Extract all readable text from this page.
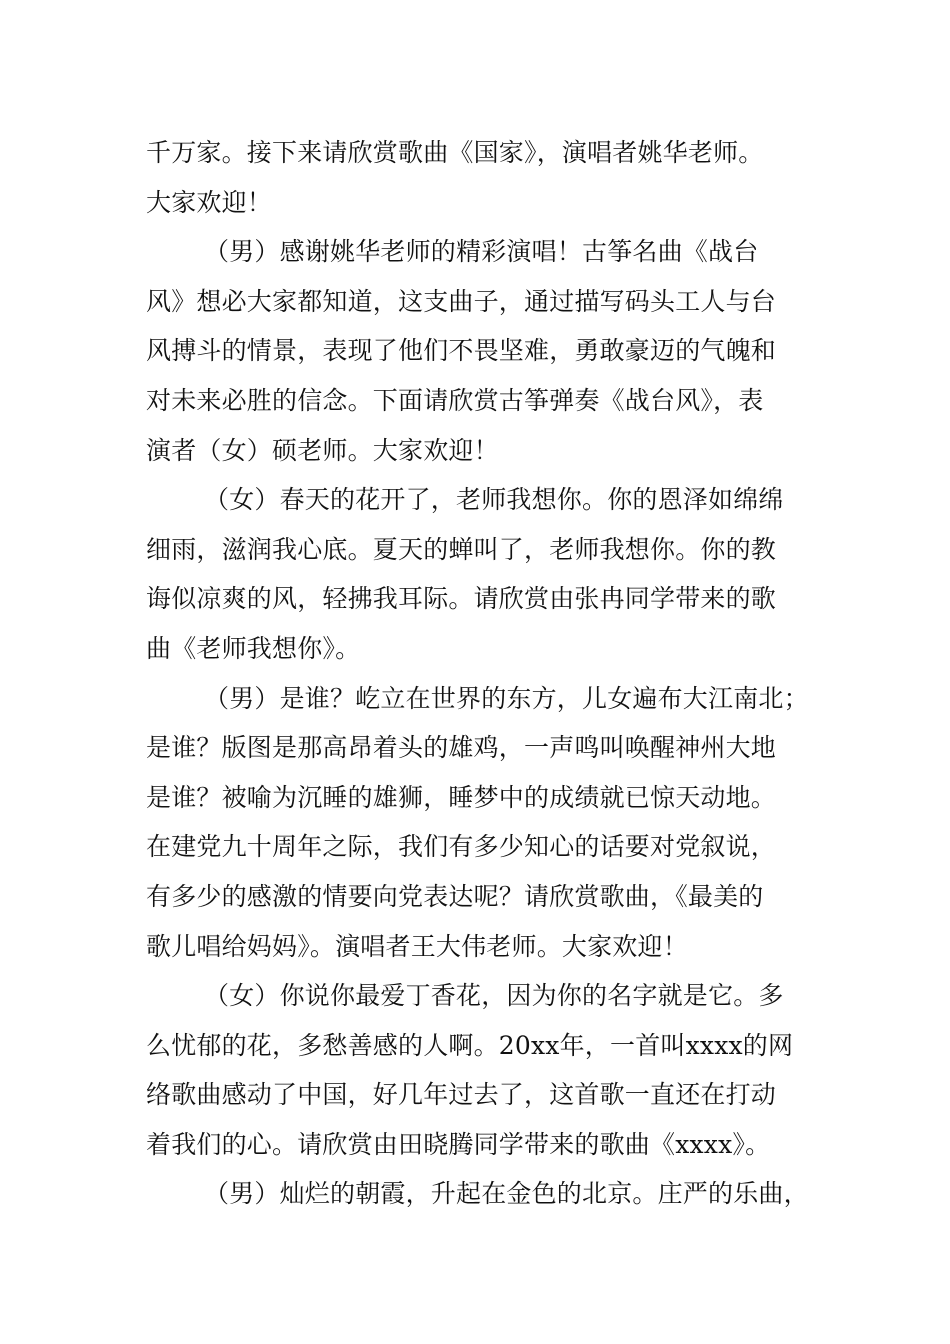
千万家。接下来请欣赏歌曲《国家》，演唱者姚华老师。
大家欢迎！
（男）感谢姚华老师的精彩演唱！古筝名曲《战台
风》想必大家都知道，这支曲子，通过描写码头工人与台
风搏斗的情景，表现了他们不畏坚难，勇敢豪迈的气魄和
对未来必胜的信念。下面请欣赏古筝弹奏《战台风》，表
演者（女）硕老师。大家欢迎！
（女）春天的花开了，老师我想你。你的恩泽如绵绵
细雨，滋润我心底。夏天的蝉叫了，老师我想你。你的教
诲似凉爽的风，轻拂我耳际。请欣赏由张冉同学带来的歌
曲《老师我想你》。
（男）是谁？屹立在世界的东方，儿女遍布大江南北；
是谁？版图是那高昂着头的雄鸡，一声鸣叫唤醒神州大地
是谁？被喻为沉睡的雄狮，睡梦中的成绩就已惊天动地。
在建党九十周年之际，我们有多少知心的话要对党叙说，
有多少的感激的情要向党表达呢？请欣赏歌曲，《最美的
歌儿唱给妈妈》。演唱者王大伟老师。大家欢迎！
（女）你说你最爱丁香花，因为你的名字就是它。多
么忧郁的花，多愁善感的人啊。20xx年，一首叫xxxx的网
络歌曲感动了中国，好几年过去了，这首歌一直还在打动
着我们的心。请欣赏由田晓腾同学带来的歌曲《xxxx》。
（男）灿烂的朝霞，升起在金色的北京。庄严的乐曲，
